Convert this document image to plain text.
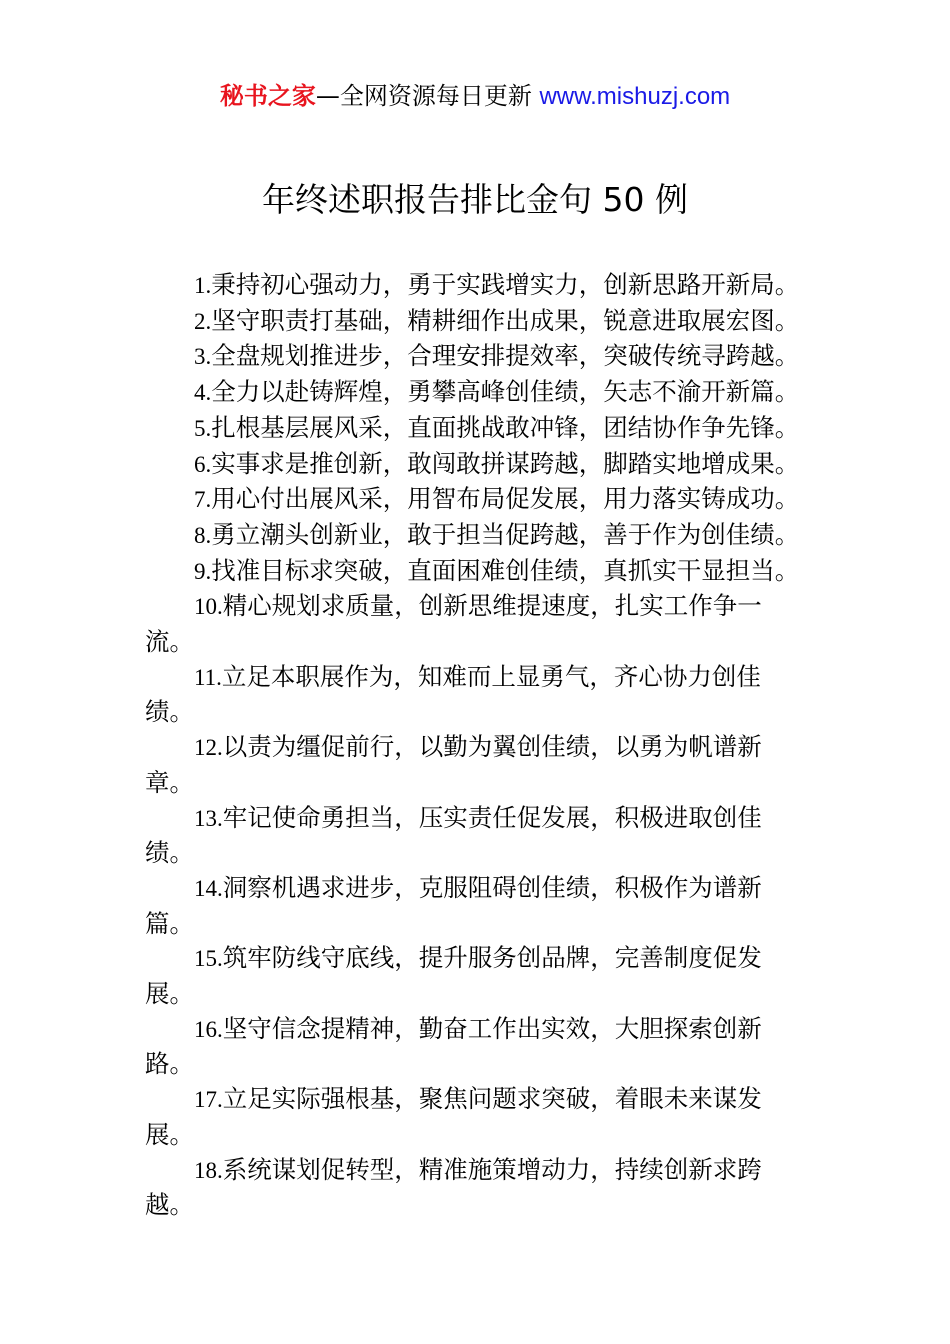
秘书之家—全网资源每日更新 www.mishuzj.com
年终述职报告排比金句 50 例

1.秉持初心强动力，勇于实践增实力，创新思路开新局。

2.坚守职责打基础，精耕细作出成果，锐意进取展宏图。

3.全盘规划推进步，合理安排提效率，突破传统寻跨越。

4.全力以赴铸辉煌，勇攀高峰创佳绩，矢志不渝开新篇。

5.扎根基层展风采，直面挑战敢冲锋，团结协作争先锋。

6.实事求是推创新，敢闯敢拼谋跨越，脚踏实地增成果。

7.用心付出展风采，用智布局促发展，用力落实铸成功。

8.勇立潮头创新业，敢于担当促跨越，善于作为创佳绩。

9.找准目标求突破，直面困难创佳绩，真抓实干显担当。

10.精心规划求质量，创新思维提速度，扎实工作争一
流。

11.立足本职展作为，知难而上显勇气，齐心协力创佳
绩。

12.以责为缰促前行，以勤为翼创佳绩，以勇为帆谱新
章。

13.牢记使命勇担当，压实责任促发展，积极进取创佳
绩。

14.洞察机遇求进步，克服阻碍创佳绩，积极作为谱新
篇。

15.筑牢防线守底线，提升服务创品牌，完善制度促发
展。

16.坚守信念提精神，勤奋工作出实效，大胆探索创新
路。

17.立足实际强根基，聚焦问题求突破，着眼未来谋发
展。

18.系统谋划促转型，精准施策增动力，持续创新求跨
越。
